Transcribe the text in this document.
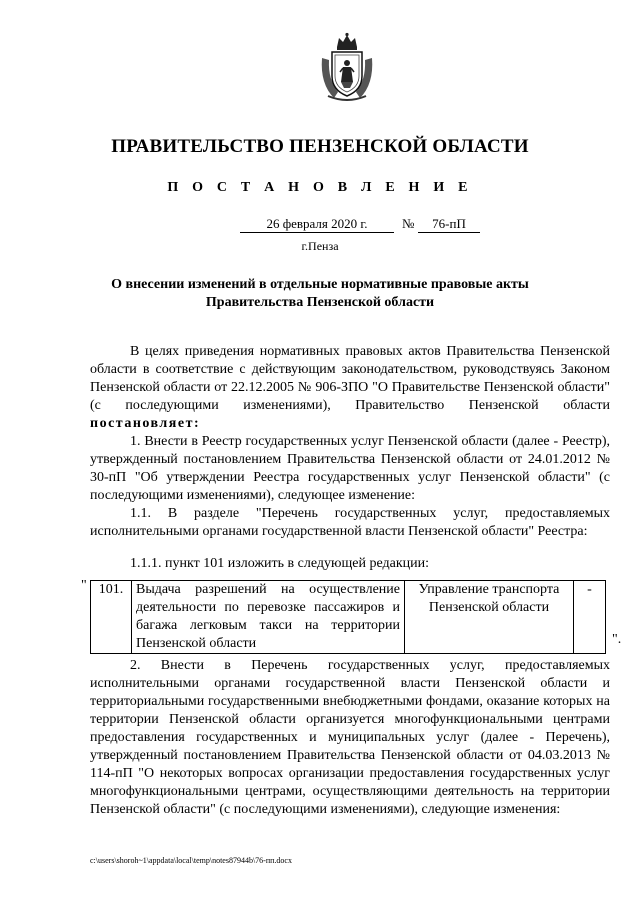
ПРАВИТЕЛЬСТВО ПЕНЗЕНСКОЙ ОБЛАСТИ
П О С Т А Н О В Л Е Н И Е
26 февраля 2020 г.	№	76-пП
г.Пенза
О внесении изменений в отдельные нормативные правовые акты
Правительства Пензенской области

В целях приведения нормативных правовых актов Правительства Пензенской области в соответствие с действующим законодательством, руководствуясь Законом Пензенской области от 22.12.2005 № 906-ЗПО "О Правительстве Пензенской области" (с последующими изменениями), Правительство Пензенской области постановляет:

1. Внести в Реестр государственных услуг Пензенской области (далее - Реестр), утвержденный постановлением Правительства Пензенской области от 24.01.2012 № 30-пП "Об утверждении Реестра государственных услуг Пензенской области" (с последующими изменениями), следующее изменение:

1.1. В разделе "Перечень государственных услуг, предоставляемых исполнительными органами государственной власти Пензенской области" Реестра:

1.1.1. пункт 101 изложить в следующей редакции:

" 101.	Выдача разрешений на осуществление деятельности по перевозке пассажиров и багажа легковым такси на территории Пензенской области	Управление транспорта Пензенской области	-
".

2. Внести в Перечень государственных услуг, предоставляемых исполнительными органами государственной власти Пензенской области и территориальными государственными внебюджетными фондами, оказание которых на территории Пензенской области организуется многофункциональными центрами предоставления государственных и муниципальных услуг (далее - Перечень), утвержденный постановлением Правительства Пензенской области от 04.03.2013 № 114-пП "О некоторых вопросах организации предоставления государственных услуг многофункциональными центрами, осуществляющими деятельность на территории Пензенской области" (с последующими изменениями), следующие изменения:

c:\users\shoroh~1\appdata\local\temp\notes87944b\76-пп.docx
